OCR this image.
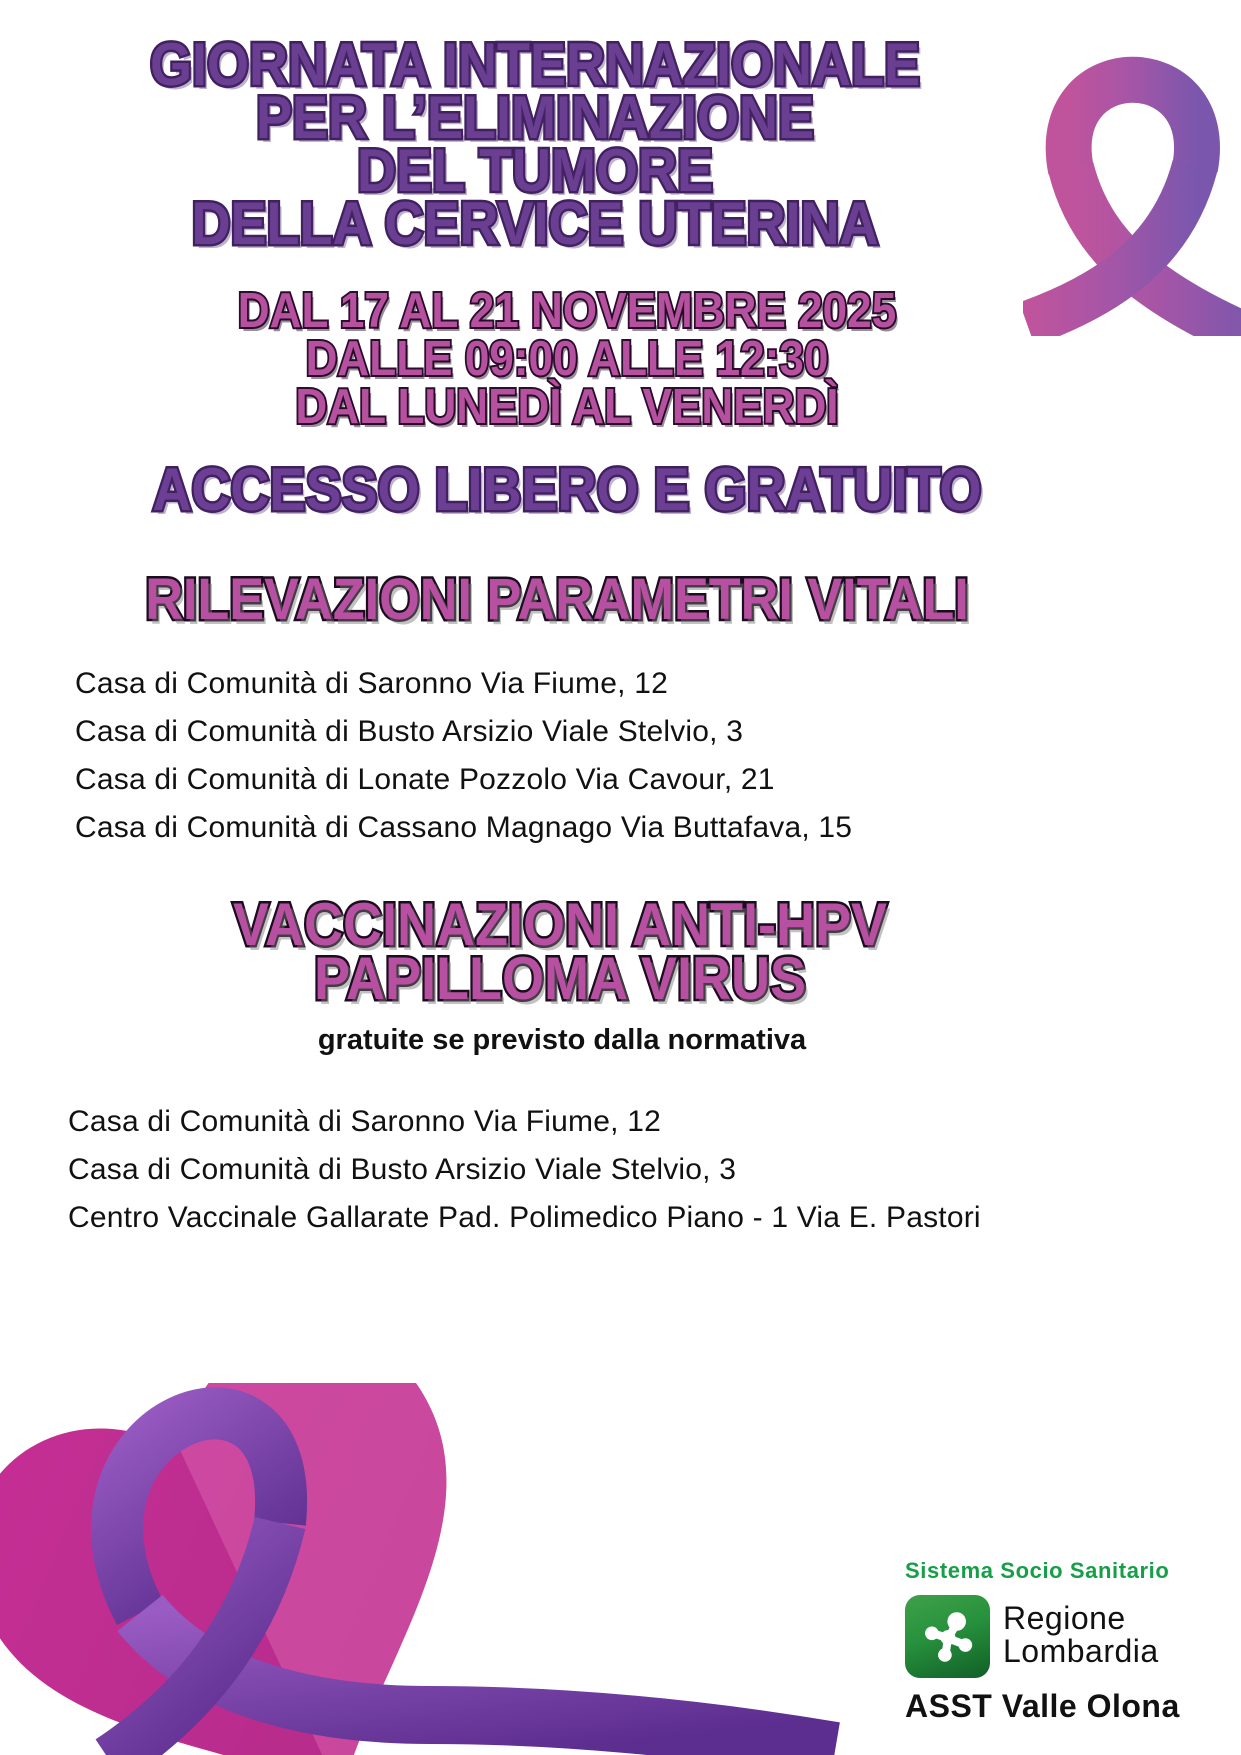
GIORNATA INTERNAZIONALE
PER L’ELIMINAZIONE
DEL TUMORE
DELLA CERVICE UTERINA
DAL 17 AL 21 NOVEMBRE 2025
DALLE 09:00 ALLE 12:30
DAL LUNEDÌ AL VENERDÌ
ACCESSO LIBERO E GRATUITO
RILEVAZIONI PARAMETRI VITALI
Casa di Comunità di Saronno Via Fiume, 12
Casa di Comunità di Busto Arsizio Viale Stelvio, 3
Casa di Comunità di Lonate Pozzolo Via Cavour, 21
Casa di Comunità di Cassano Magnago Via Buttafava, 15
VACCINAZIONI ANTI-HPV
PAPILLOMA VIRUS
gratuite se previsto dalla normativa
Casa di Comunità di Saronno Via Fiume, 12
Casa di Comunità di Busto Arsizio Viale Stelvio, 3
Centro Vaccinale Gallarate Pad. Polimedico Piano - 1 Via E. Pastori
Sistema Socio Sanitario
Regione
Lombardia
ASST Valle Olona
